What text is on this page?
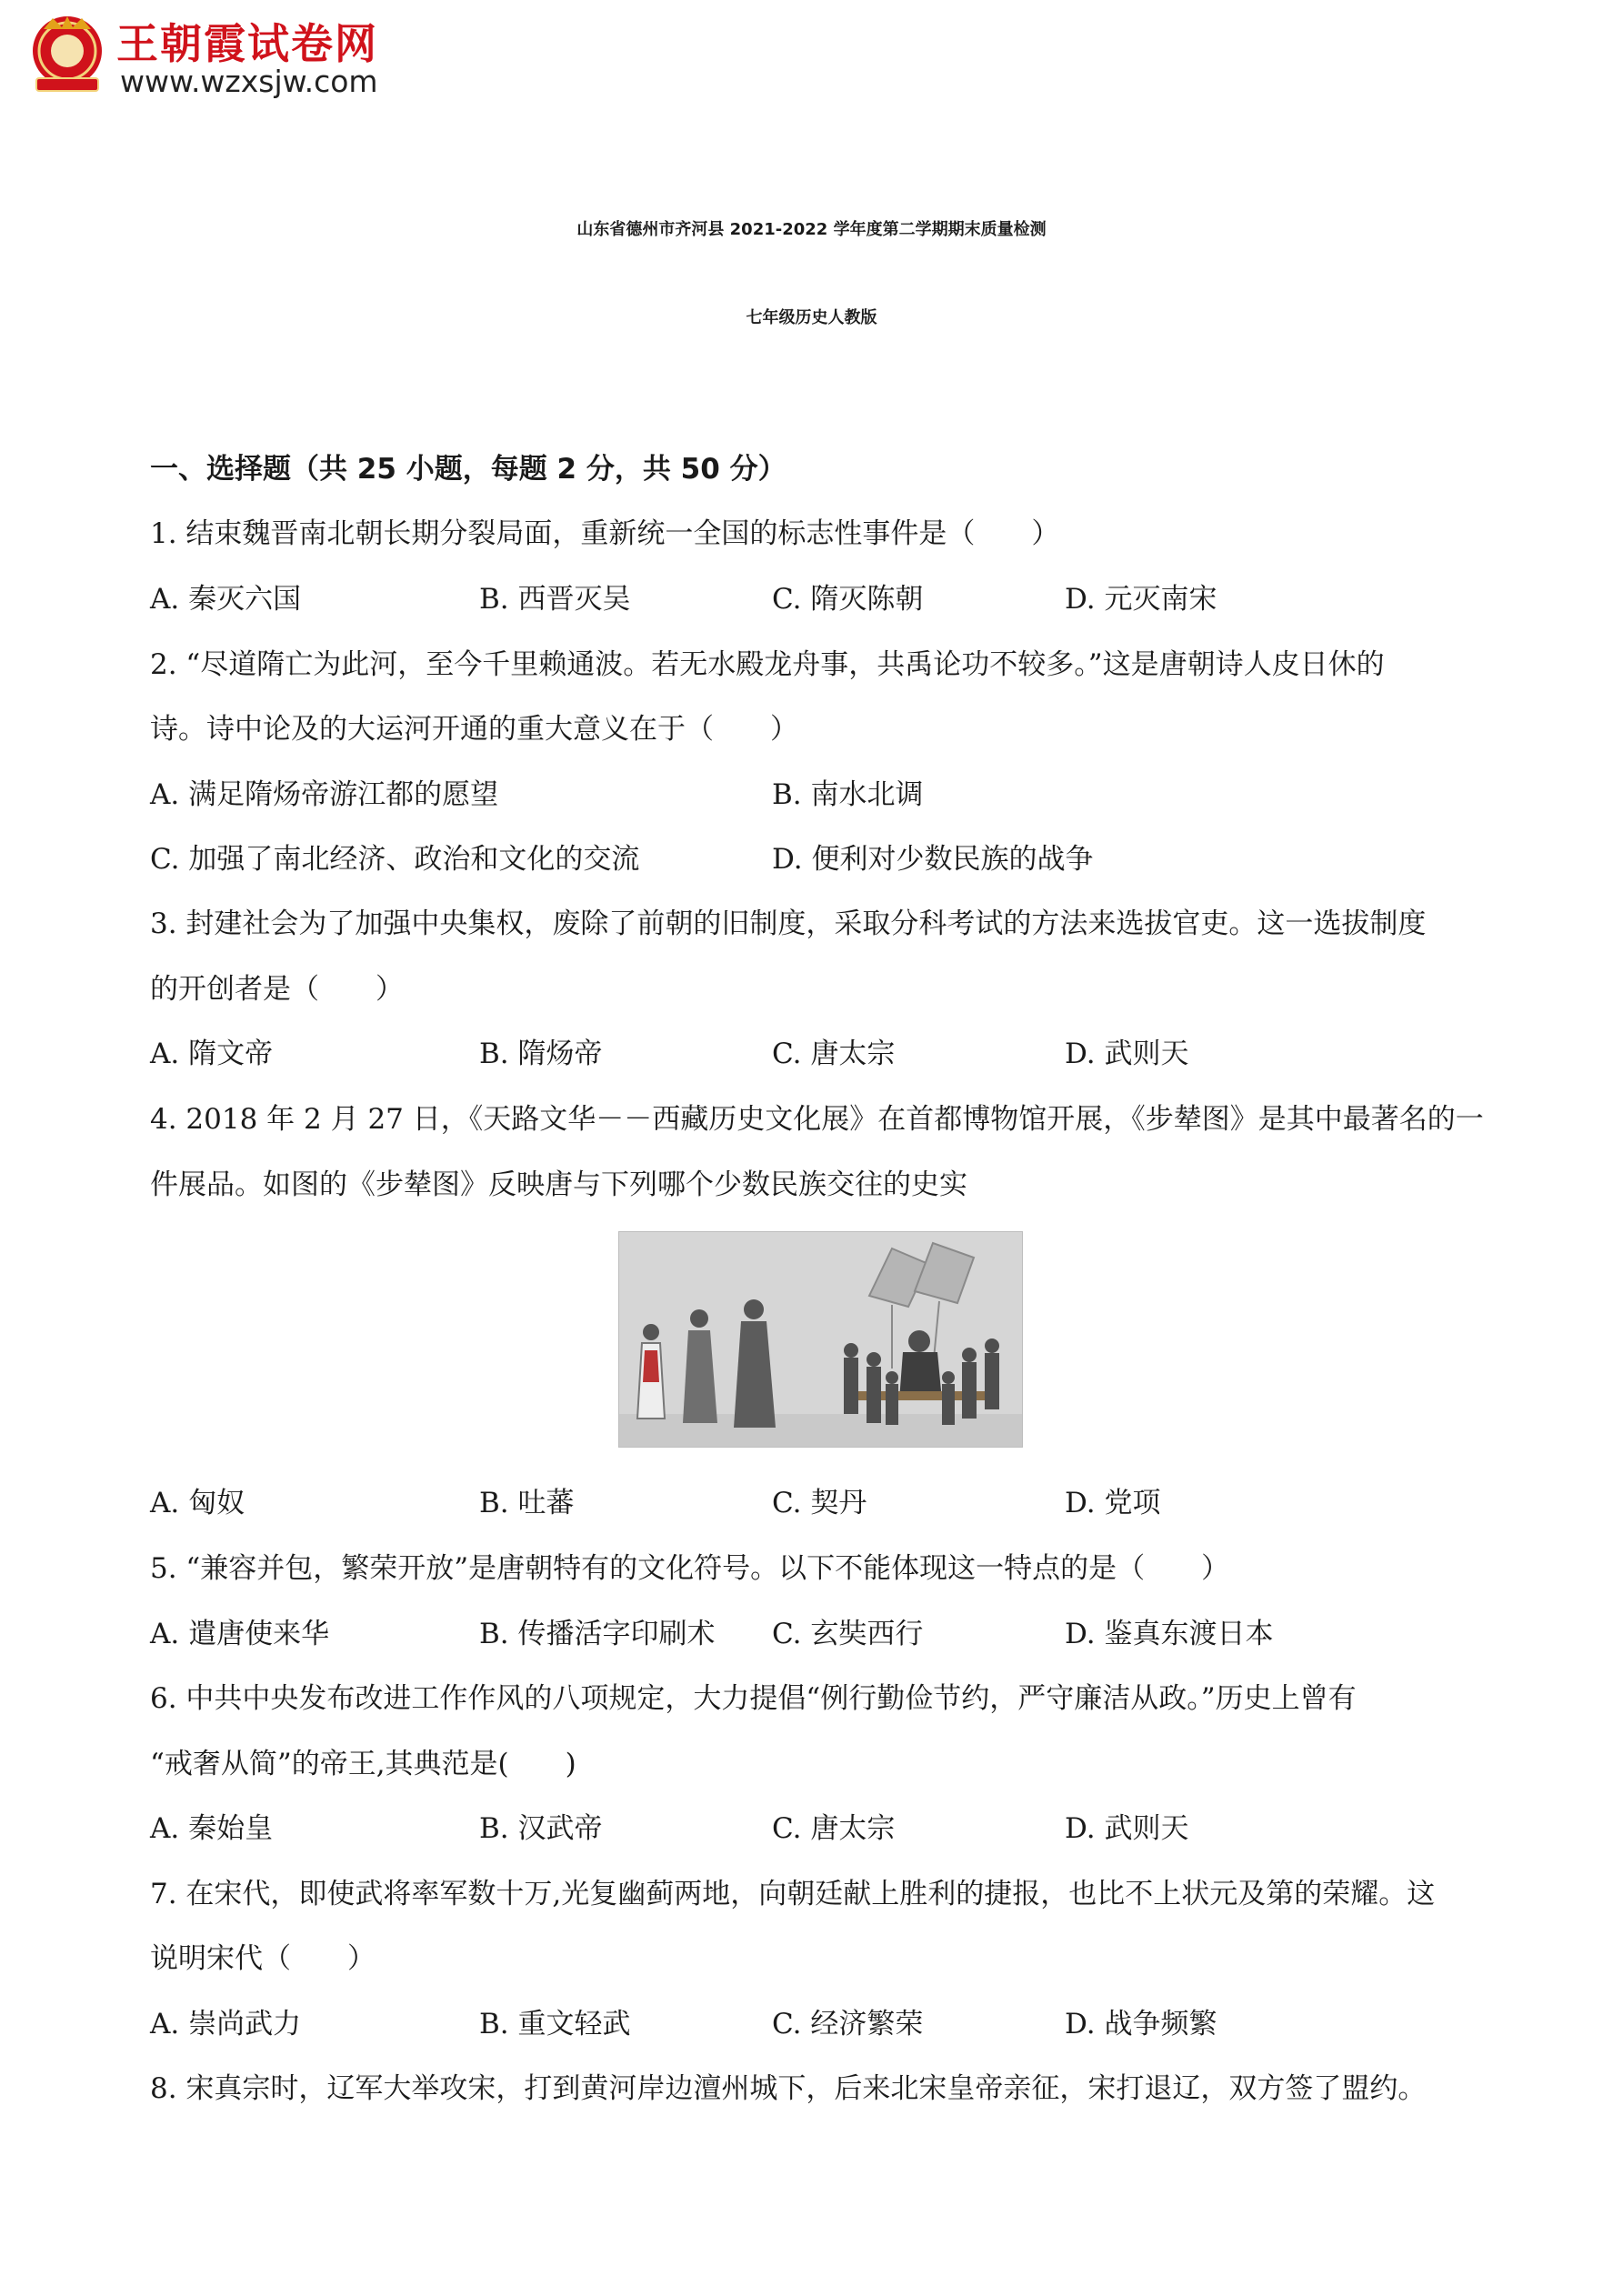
王朝霞试卷网
www.wzxsjw.com
山东省德州市齐河县 2021-2022 学年度第二学期期末质量检测
七年级历史人教版
一、选择题（共 25 小题，每题 2 分，共 50 分）
1. 结束魏晋南北朝长期分裂局面，重新统一全国的标志性事件是（　　）
A. 秦灭六国	B. 西晋灭吴	C. 隋灭陈朝	D. 元灭南宋
2. “尽道隋亡为此河，至今千里赖通波。若无水殿龙舟事，共禹论功不较多。”这是唐朝诗人皮日休的
诗。诗中论及的大运河开通的重大意义在于（　　）
A. 满足隋炀帝游江都的愿望	B. 南水北调
C. 加强了南北经济、政治和文化的交流	D. 便利对少数民族的战争
3. 封建社会为了加强中央集权，废除了前朝的旧制度，采取分科考试的方法来选拔官吏。这一选拔制度
的开创者是（　　）
A. 隋文帝	B. 隋炀帝	C. 唐太宗	D. 武则天
4. 2018 年 2 月 27 日，《天路文华－－西藏历史文化展》在首都博物馆开展，《步辇图》是其中最著名的一
件展品。如图的《步辇图》反映唐与下列哪个少数民族交往的史实
A. 匈奴	B. 吐蕃	C. 契丹	D. 党项
5. “兼容并包，繁荣开放”是唐朝特有的文化符号。以下不能体现这一特点的是（　　）
A. 遣唐使来华	B. 传播活字印刷术 C. 玄奘西行	D. 鉴真东渡日本
6. 中共中央发布改进工作作风的八项规定，大力提倡“例行勤俭节约，严守廉洁从政。”历史上曾有
“戒奢从简”的帝王,其典范是(　　)
A. 秦始皇	B. 汉武帝	C. 唐太宗	D. 武则天
7. 在宋代，即使武将率军数十万,光复幽蓟两地，向朝廷献上胜利的捷报，也比不上状元及第的荣耀。这
说明宋代（　　）
A. 崇尚武力	B. 重文轻武	C. 经济繁荣	D. 战争频繁
8. 宋真宗时，辽军大举攻宋，打到黄河岸边澶州城下，后来北宋皇帝亲征，宋打退辽，双方签了盟约。
